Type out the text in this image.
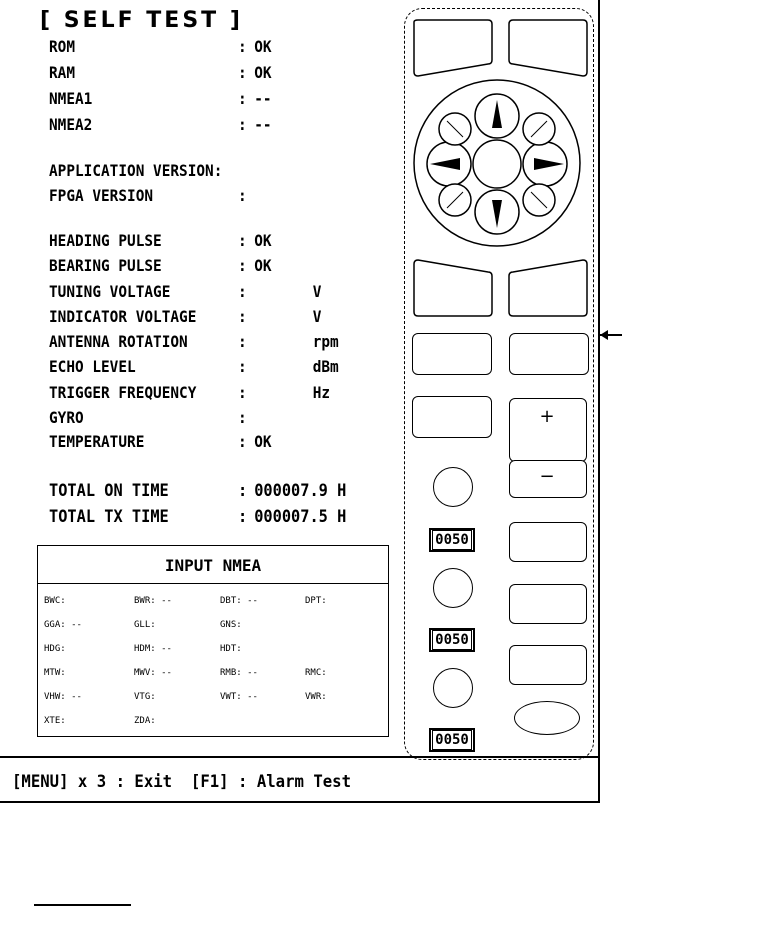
[ SELF TEST ]
ROM	: OK
RAM	: OK
NMEA1	: --
NMEA2	: --
APPLICATION VERSION:
FPGA VERSION	:
HEADING PULSE	: OK
BEARING PULSE	: OK
TUNING VOLTAGE	:	V
INDICATOR VOLTAGE	:	V
ANTENNA ROTATION	:	rpm
ECHO LEVEL	:	dBm
TRIGGER FREQUENCY	:	Hz
GYRO	:
TEMPERATURE	: OK
TOTAL ON TIME	: 000007.9 H
TOTAL TX TIME	: 000007.5 H
INPUT NMEA
BWC:	BWR: --	DBT: --	DPT:
GGA: --	GLL:	GNS:
HDG:	HDM: --	HDT:
MTW:	MWV: --	RMB: --	RMC:
VHW: --	VTG:	VWT: --	VWR:
XTE:	ZDA:
[MENU] x 3 : Exit  [F1] : Alarm Test
+
−
0050
0050
0050
